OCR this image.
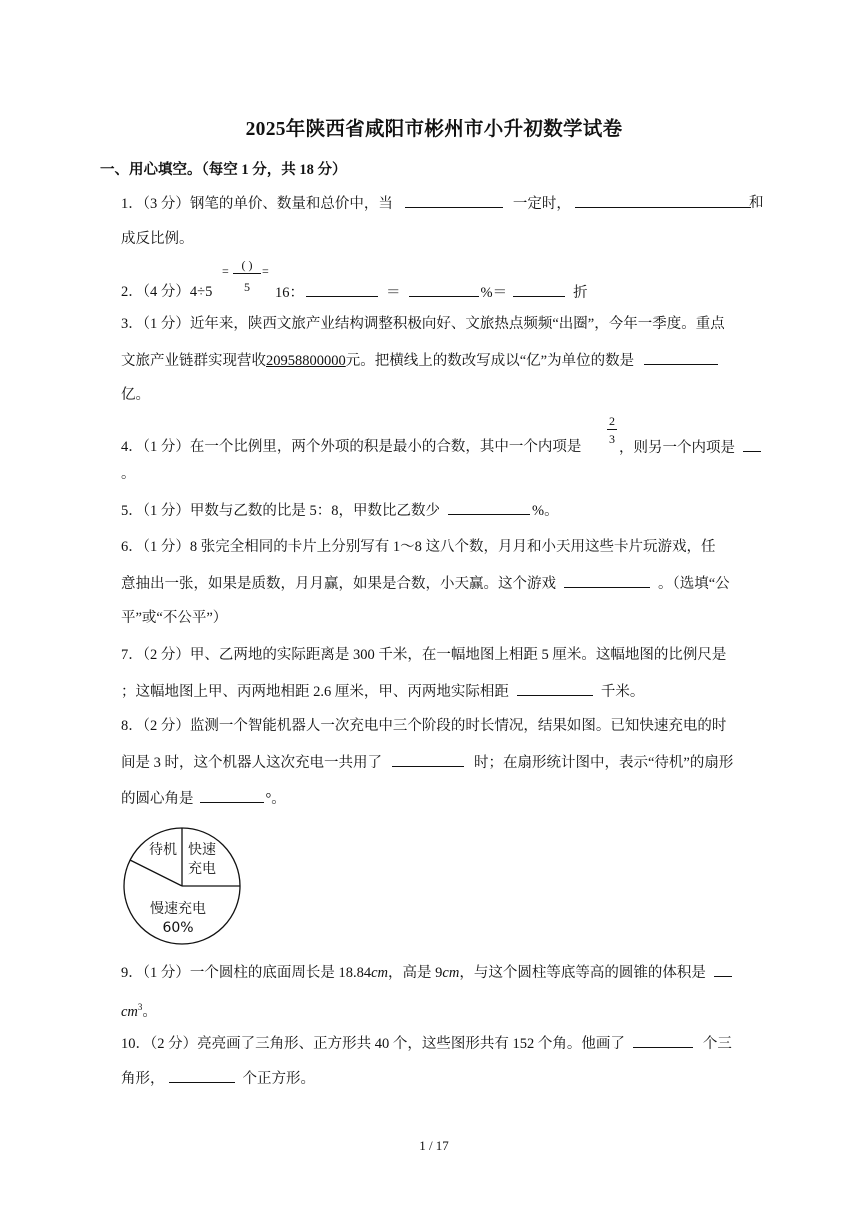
2025年陕西省咸阳市彬州市小升初数学试卷
一、用心填空。（每空 1 分，共 18 分）
1．（3 分）钢笔的单价、数量和总价中，当	一定时，	和
成反比例。
2．（4 分）4÷5
=	( )
5
=
16：	＝	%＝	折
3．（1 分）近年来，陕西文旅产业结构调整积极向好、文旅热点频频“出圈”，今年一季度。重点
文旅产业链群实现营收20958800000元。把横线上的数改写成以“亿”为单位的数是
亿。
4．（1 分）在一个比例里，两个外项的积是最小的合数，其中一个内项是
2
3
，则另一个内项是
。
5．（1 分）甲数与乙数的比是 5：8，甲数比乙数少	%。
6．（1 分）8 张完全相同的卡片上分别写有 1～8 这八个数，月月和小天用这些卡片玩游戏，任
意抽出一张，如果是质数，月月赢，如果是合数，小天赢。这个游戏	。（选填“公
平”或“不公平”）
7．（2 分）甲、乙两地的实际距离是 300 千米，在一幅地图上相距 5 厘米。这幅地图的比例尺是
；这幅地图上甲、丙两地相距 2.6 厘米，甲、丙两地实际相距	千米。
8．（2 分）监测一个智能机器人一次充电中三个阶段的时长情况，结果如图。已知快速充电的时
间是 3 时，这个机器人这次充电一共用了	时；在扇形统计图中，表示“待机”的扇形
的圆心角是	°。
待机 快速
充电
慢速充电
60%
9．（1 分）一个圆柱的底面周长是 18.84cm，高是 9cm，与这个圆柱等底等高的圆锥的体积是
$cm^3$。
10．（2 分）亮亮画了三角形、正方形共 40 个，这些图形共有 152 个角。他画了	个三
角形，	个正方形。
1 / 17
